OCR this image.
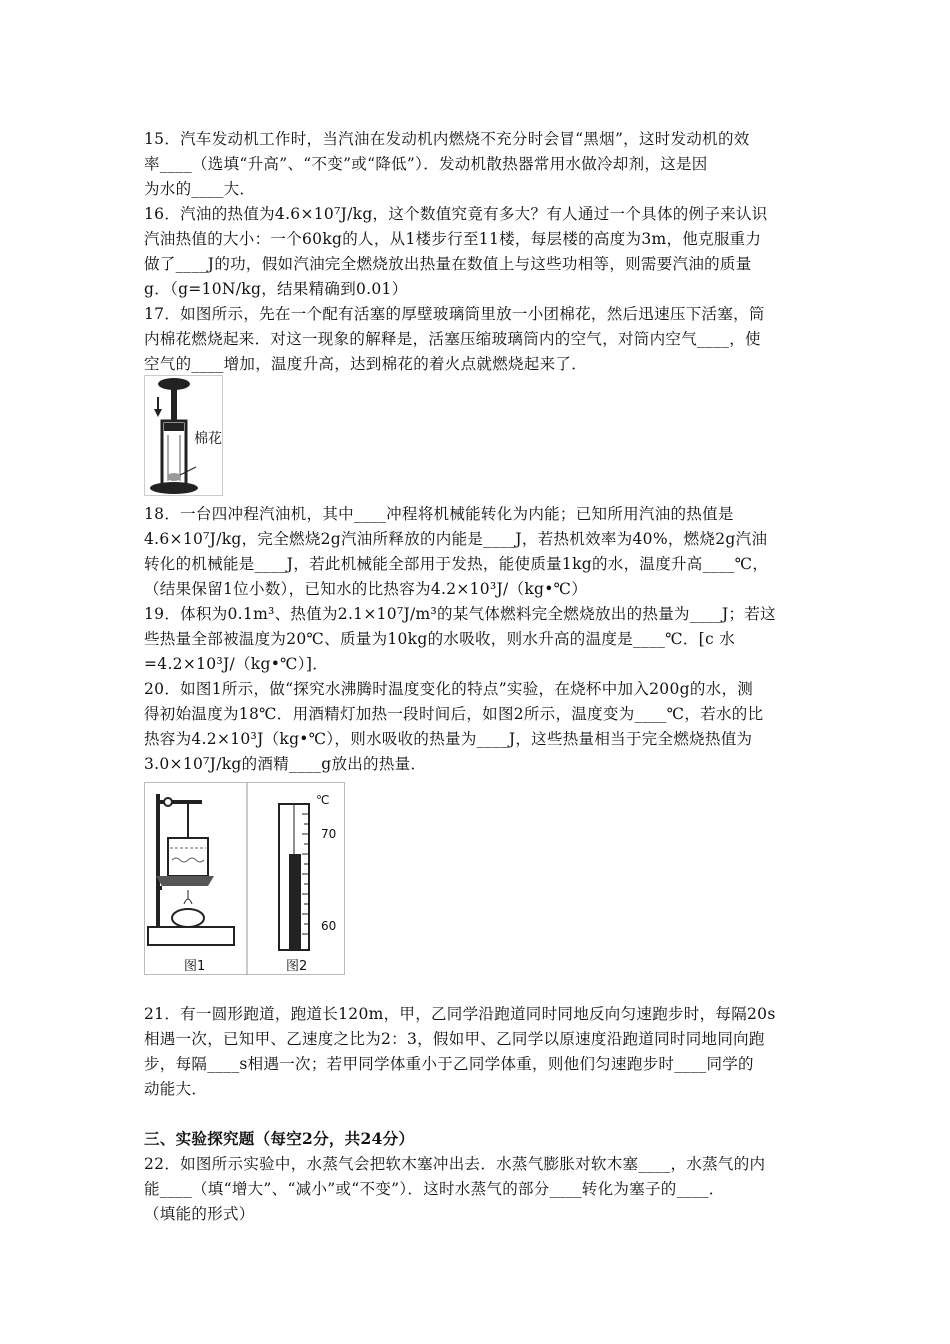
15．汽车发动机工作时，当汽油在发动机内燃烧不充分时会冒“黑烟”，这时发动机的效
率____（选填“升高”、“不变”或“降低”）．发动机散热器常用水做冷却剂，这是因
为水的____大．
16．汽油的热值为4.6×10⁷J/kg，这个数值究竟有多大？有人通过一个具体的例子来认识
汽油热值的大小：一个60kg的人，从1楼步行至11楼，每层楼的高度为3m，他克服重力
做了____J的功，假如汽油完全燃烧放出热量在数值上与这些功相等，则需要汽油的质量
g．（g=10N/kg，结果精确到0.01）
17．如图所示，先在一个配有活塞的厚壁玻璃筒里放一小团棉花，然后迅速压下活塞，筒
内棉花燃烧起来．对这一现象的解释是，活塞压缩玻璃筒内的空气，对筒内空气____，使
空气的____增加，温度升高，达到棉花的着火点就燃烧起来了．
棉花
18．一台四冲程汽油机，其中____冲程将机械能转化为内能；已知所用汽油的热值是
4.6×10⁷J/kg，完全燃烧2g汽油所释放的内能是____J，若热机效率为40%，燃烧2g汽油
转化的机械能是____J，若此机械能全部用于发热，能使质量1kg的水，温度升高____℃，
（结果保留1位小数），已知水的比热容为4.2×10³J/（kg•℃）
19．体积为0.1m³、热值为2.1×10⁷J/m³的某气体燃料完全燃烧放出的热量为____J；若这
些热量全部被温度为20℃、质量为10kg的水吸收，则水升高的温度是____℃．[c 水
=4.2×10³J/（kg•℃）]．
20．如图1所示，做“探究水沸腾时温度变化的特点”实验，在烧杯中加入200g的水，测
得初始温度为18℃．用酒精灯加热一段时间后，如图2所示，温度变为____℃，若水的比
热容为4.2×10³J（kg•℃），则水吸收的热量为____J，这些热量相当于完全燃烧热值为
3.0×10⁷J/kg的酒精____g放出的热量．
图1
℃
70
60
图2
21．有一圆形跑道，跑道长120m，甲，乙同学沿跑道同时同地反向匀速跑步时，每隔20s
相遇一次，已知甲、乙速度之比为2：3，假如甲、乙同学以原速度沿跑道同时同地同向跑
步，每隔____s相遇一次；若甲同学体重小于乙同学体重，则他们匀速跑步时____同学的
动能大．
三、实验探究题（每空2分，共24分）
22．如图所示实验中，水蒸气会把软木塞冲出去．水蒸气膨胀对软木塞____，水蒸气的内
能____（填“增大”、“减小”或“不变”）．这时水蒸气的部分____转化为塞子的____．
（填能的形式）
